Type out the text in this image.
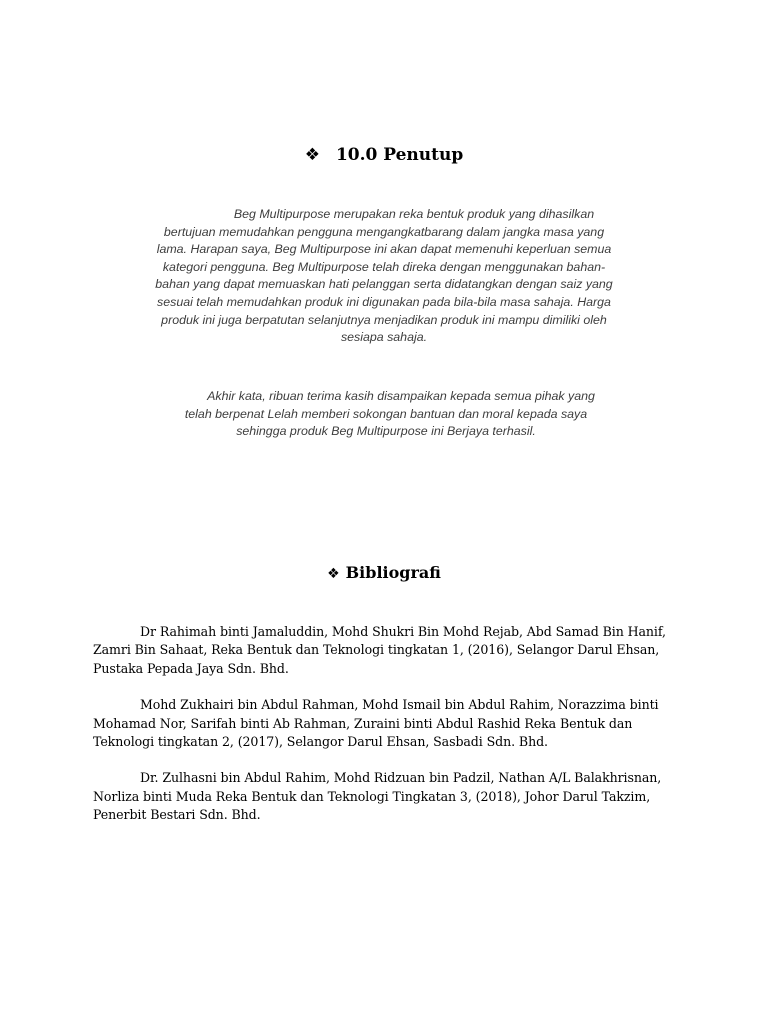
❖ 10.0 Penutup

Beg Multipurpose merupakan reka bentuk produk yang dihasilkan bertujuan memudahkan pengguna mengangkatbarang dalam jangka masa yang lama. Harapan saya, Beg Multipurpose ini akan dapat memenuhi keperluan semua kategori pengguna. Beg Multipurpose telah direka dengan menggunakan bahan-bahan yang dapat memuaskan hati pelanggan serta didatangkan dengan saiz yang sesuai telah memudahkan produk ini digunakan pada bila-bila masa sahaja. Harga produk ini juga berpatutan selanjutnya menjadikan produk ini mampu dimiliki oleh sesiapa sahaja.

Akhir kata, ribuan terima kasih disampaikan kepada semua pihak yang telah berpenat Lelah memberi sokongan bantuan dan moral kepada saya sehingga produk Beg Multipurpose ini Berjaya terhasil.

❖ Bibliografi
Dr Rahimah binti Jamaluddin, Mohd Shukri Bin Mohd Rejab, Abd Samad Bin Hanif, Zamri Bin Sahaat, Reka Bentuk dan Teknologi tingkatan 1, (2016), Selangor Darul Ehsan, Pustaka Pepada Jaya Sdn. Bhd.
Mohd Zukhairi bin Abdul Rahman, Mohd Ismail bin Abdul Rahim, Norazzima binti Mohamad Nor, Sarifah binti Ab Rahman, Zuraini binti Abdul Rashid Reka Bentuk dan Teknologi tingkatan 2, (2017), Selangor Darul Ehsan, Sasbadi Sdn. Bhd.
Dr. Zulhasni bin Abdul Rahim, Mohd Ridzuan bin Padzil, Nathan A/L Balakhrisnan, Norliza binti Muda Reka Bentuk dan Teknologi Tingkatan 3, (2018), Johor Darul Takzim, Penerbit Bestari Sdn. Bhd.
